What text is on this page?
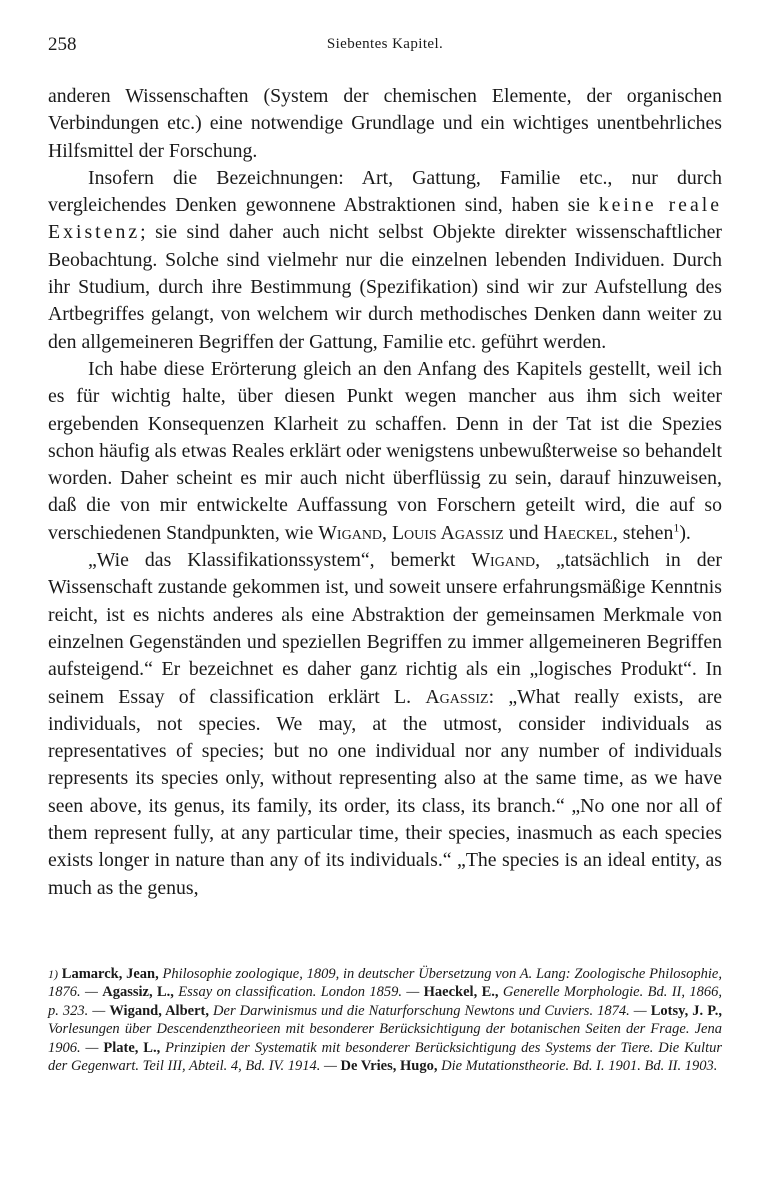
258	Siebentes Kapitel.

anderen Wissenschaften (System der chemischen Elemente, der organischen Verbindungen etc.) eine notwendige Grundlage und ein wichtiges unentbehrliches Hilfsmittel der Forschung.

Insofern die Bezeichnungen: Art, Gattung, Familie etc., nur durch vergleichendes Denken gewonnene Abstraktionen sind, haben sie keine reale Existenz; sie sind daher auch nicht selbst Objekte direkter wissenschaftlicher Beobachtung. Solche sind vielmehr nur die einzelnen lebenden Individuen. Durch ihr Studium, durch ihre Bestimmung (Spezifikation) sind wir zur Aufstellung des Artbegriffes gelangt, von welchem wir durch methodisches Denken dann weiter zu den allgemeineren Begriffen der Gattung, Familie etc. geführt werden.

Ich habe diese Erörterung gleich an den Anfang des Kapitels gestellt, weil ich es für wichtig halte, über diesen Punkt wegen mancher aus ihm sich weiter ergebenden Konsequenzen Klarheit zu schaffen. Denn in der Tat ist die Spezies schon häufig als etwas Reales erklärt oder wenigstens unbewußterweise so behandelt worden. Daher scheint es mir auch nicht überflüssig zu sein, darauf hinzuweisen, daß die von mir entwickelte Auffassung von Forschern geteilt wird, die auf so verschiedenen Standpunkten, wie Wigand, Louis Agassiz und Haeckel, stehen$^1$).

„Wie das Klassifikationssystem“, bemerkt Wigand, „tatsächlich in der Wissenschaft zustande gekommen ist, und soweit unsere erfahrungsmäßige Kenntnis reicht, ist es nichts anderes als eine Abstraktion der gemeinsamen Merkmale von einzelnen Gegenständen und speziellen Begriffen zu immer allgemeineren Begriffen aufsteigend.“ Er bezeichnet es daher ganz richtig als ein „logisches Produkt“. In seinem Essay of classification erklärt L. Agassiz: „What really exists, are individuals, not species. We may, at the utmost, consider individuals as representatives of species; but no one individual nor any number of individuals represents its species only, without representing also at the same time, as we have seen above, its genus, its family, its order, its class, its branch.“ „No one nor all of them represent fully, at any particular time, their species, inasmuch as each species exists longer in nature than any of its individuals.“ „The species is an ideal entity, as much as the genus,

1) Lamarck, Jean, Philosophie zoologique, 1809, in deutscher Übersetzung von A. Lang: Zoologische Philosophie, 1876. — Agassiz, L., Essay on classification. London 1859. — Haeckel, E., Generelle Morphologie. Bd. II, 1866, p. 323. — Wigand, Albert, Der Darwinismus und die Naturforschung Newtons und Cuviers. 1874. — Lotsy, J. P., Vorlesungen über Descendenztheorieen mit besonderer Berücksichtigung der botanischen Seiten der Frage. Jena 1906. — Plate, L., Prinzipien der Systematik mit besonderer Berücksichtigung des Systems der Tiere. Die Kultur der Gegenwart. Teil III, Abteil. 4, Bd. IV. 1914. — De Vries, Hugo, Die Mutationstheorie. Bd. I. 1901. Bd. II. 1903.
